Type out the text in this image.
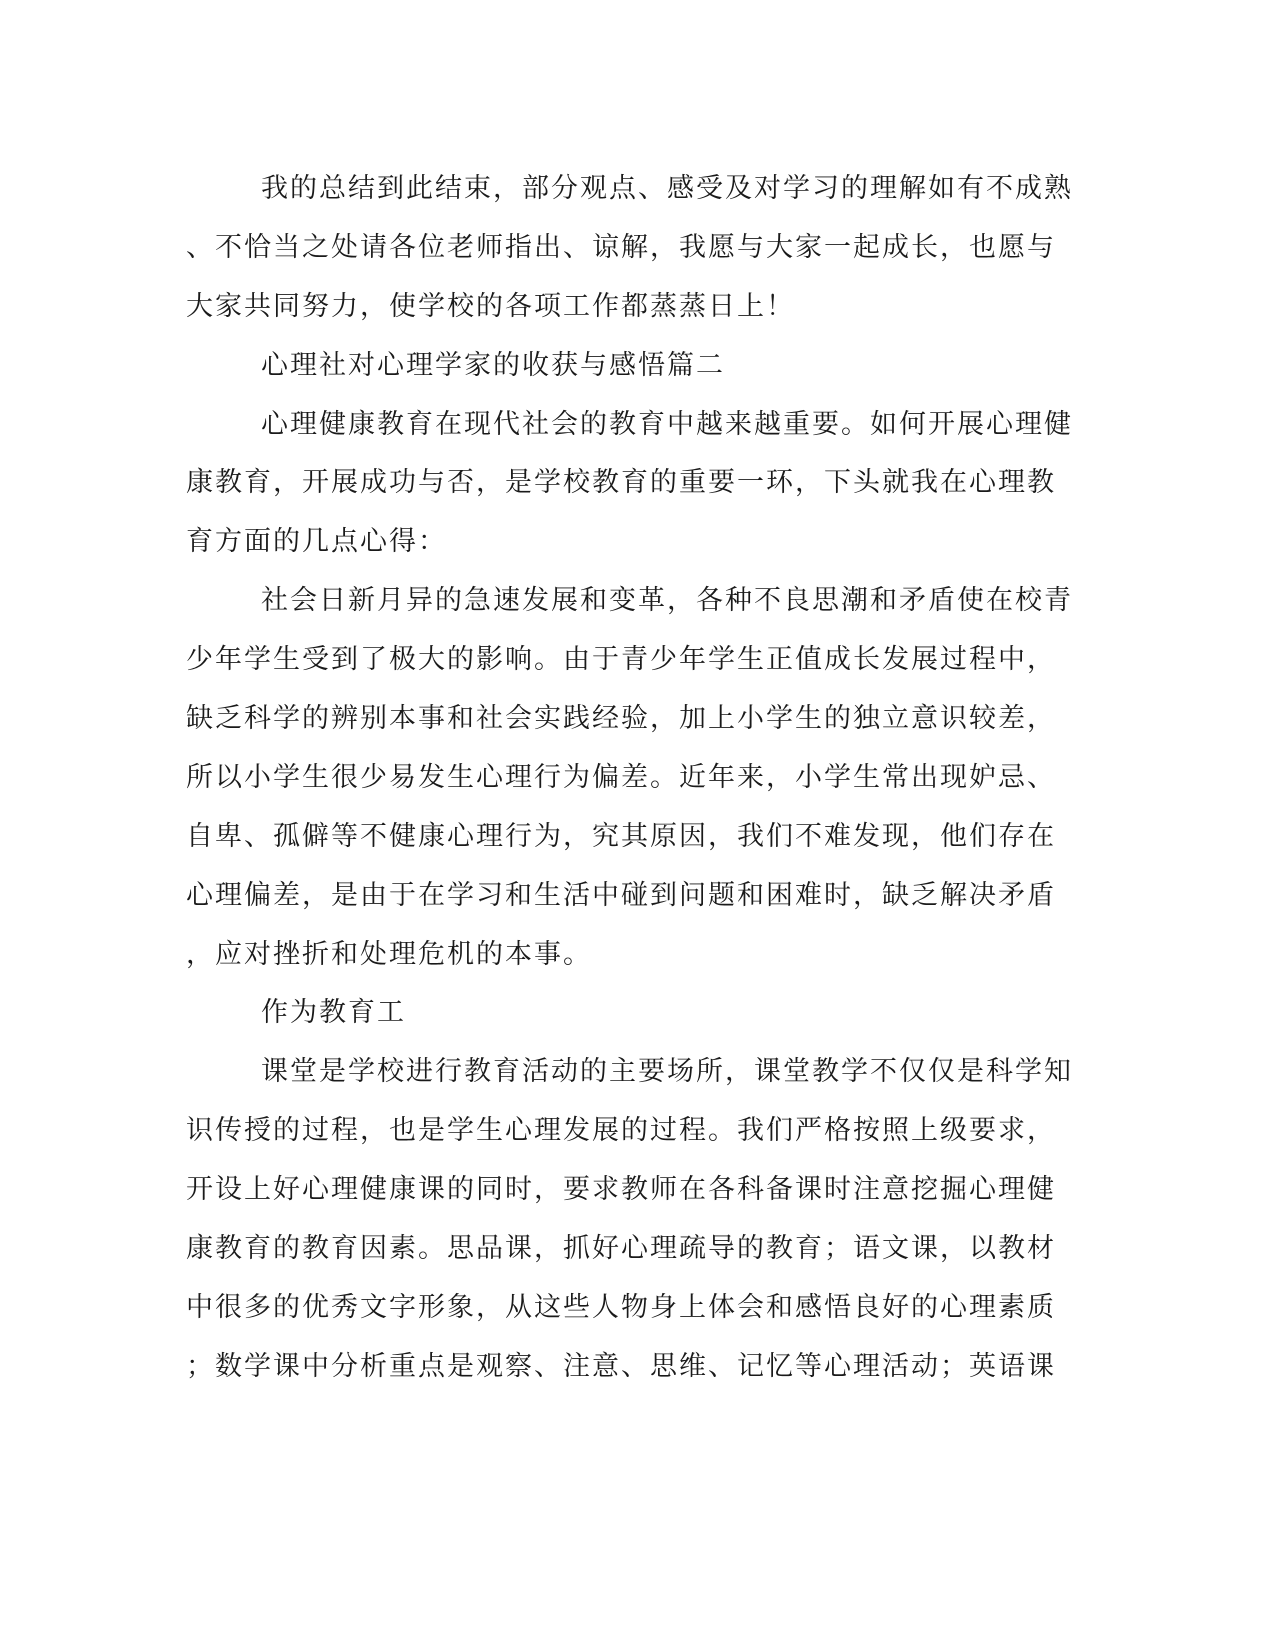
我的总结到此结束，部分观点、感受及对学习的理解如有不成熟
、不恰当之处请各位老师指出、谅解，我愿与大家一起成长，也愿与
大家共同努力，使学校的各项工作都蒸蒸日上！
心理社对心理学家的收获与感悟篇二
心理健康教育在现代社会的教育中越来越重要。如何开展心理健
康教育，开展成功与否，是学校教育的重要一环，下头就我在心理教
育方面的几点心得：
社会日新月异的急速发展和变革，各种不良思潮和矛盾使在校青
少年学生受到了极大的影响。由于青少年学生正值成长发展过程中，
缺乏科学的辨别本事和社会实践经验，加上小学生的独立意识较差，
所以小学生很少易发生心理行为偏差。近年来，小学生常出现妒忌、
自卑、孤僻等不健康心理行为，究其原因，我们不难发现，他们存在
心理偏差，是由于在学习和生活中碰到问题和困难时，缺乏解决矛盾
，应对挫折和处理危机的本事。
作为教育工
课堂是学校进行教育活动的主要场所，课堂教学不仅仅是科学知
识传授的过程，也是学生心理发展的过程。我们严格按照上级要求，
开设上好心理健康课的同时，要求教师在各科备课时注意挖掘心理健
康教育的教育因素。思品课，抓好心理疏导的教育；语文课，以教材
中很多的优秀文字形象，从这些人物身上体会和感悟良好的心理素质
；数学课中分析重点是观察、注意、思维、记忆等心理活动；英语课
